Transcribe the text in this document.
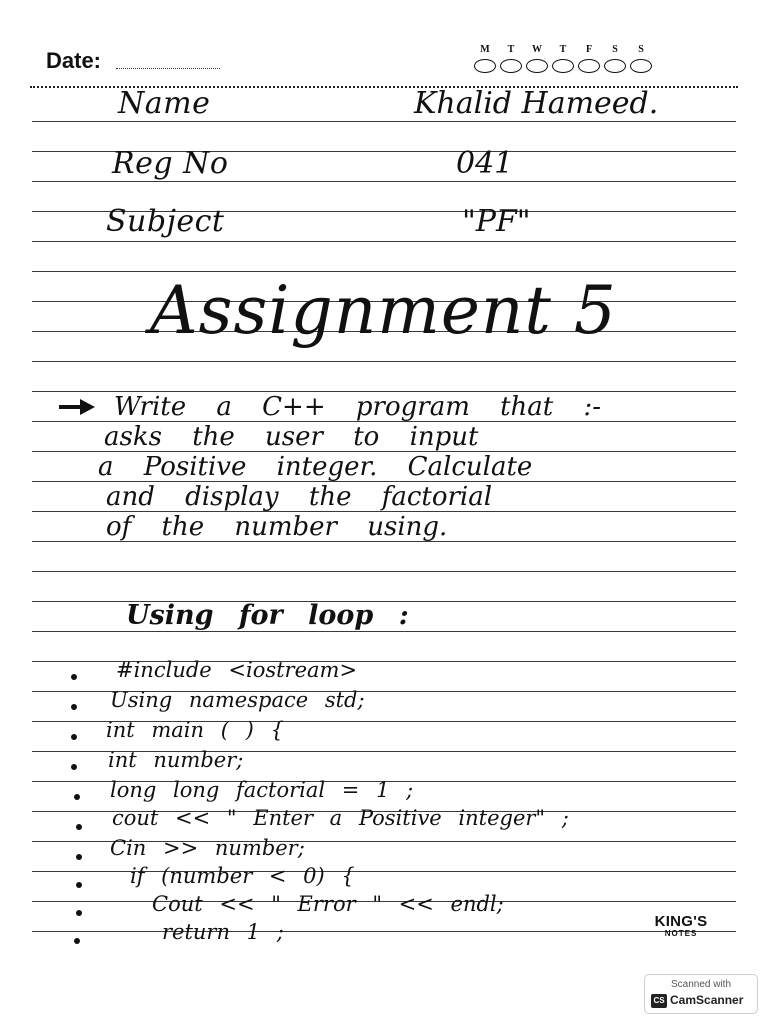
Date:	M	T	W	T	F	S	S
Name	Khalid Hameed.
Reg No	041
Subject	"PF"
Assignment 5
Write a C++ program that :-
asks the user to input
a Positive integer. Calculate
and display the factorial
of the number using.
Using for loop :
#include <iostream>
Using namespace std;
int main ( ) {
int number;
long long factorial = 1 ;
cout << " Enter a Positive integer" ;
Cin >> number;
if (number < 0) {
Cout << " Error " << endl;
return 1 ;	KING'S
NOTES
Scanned with
CS CamScanner
